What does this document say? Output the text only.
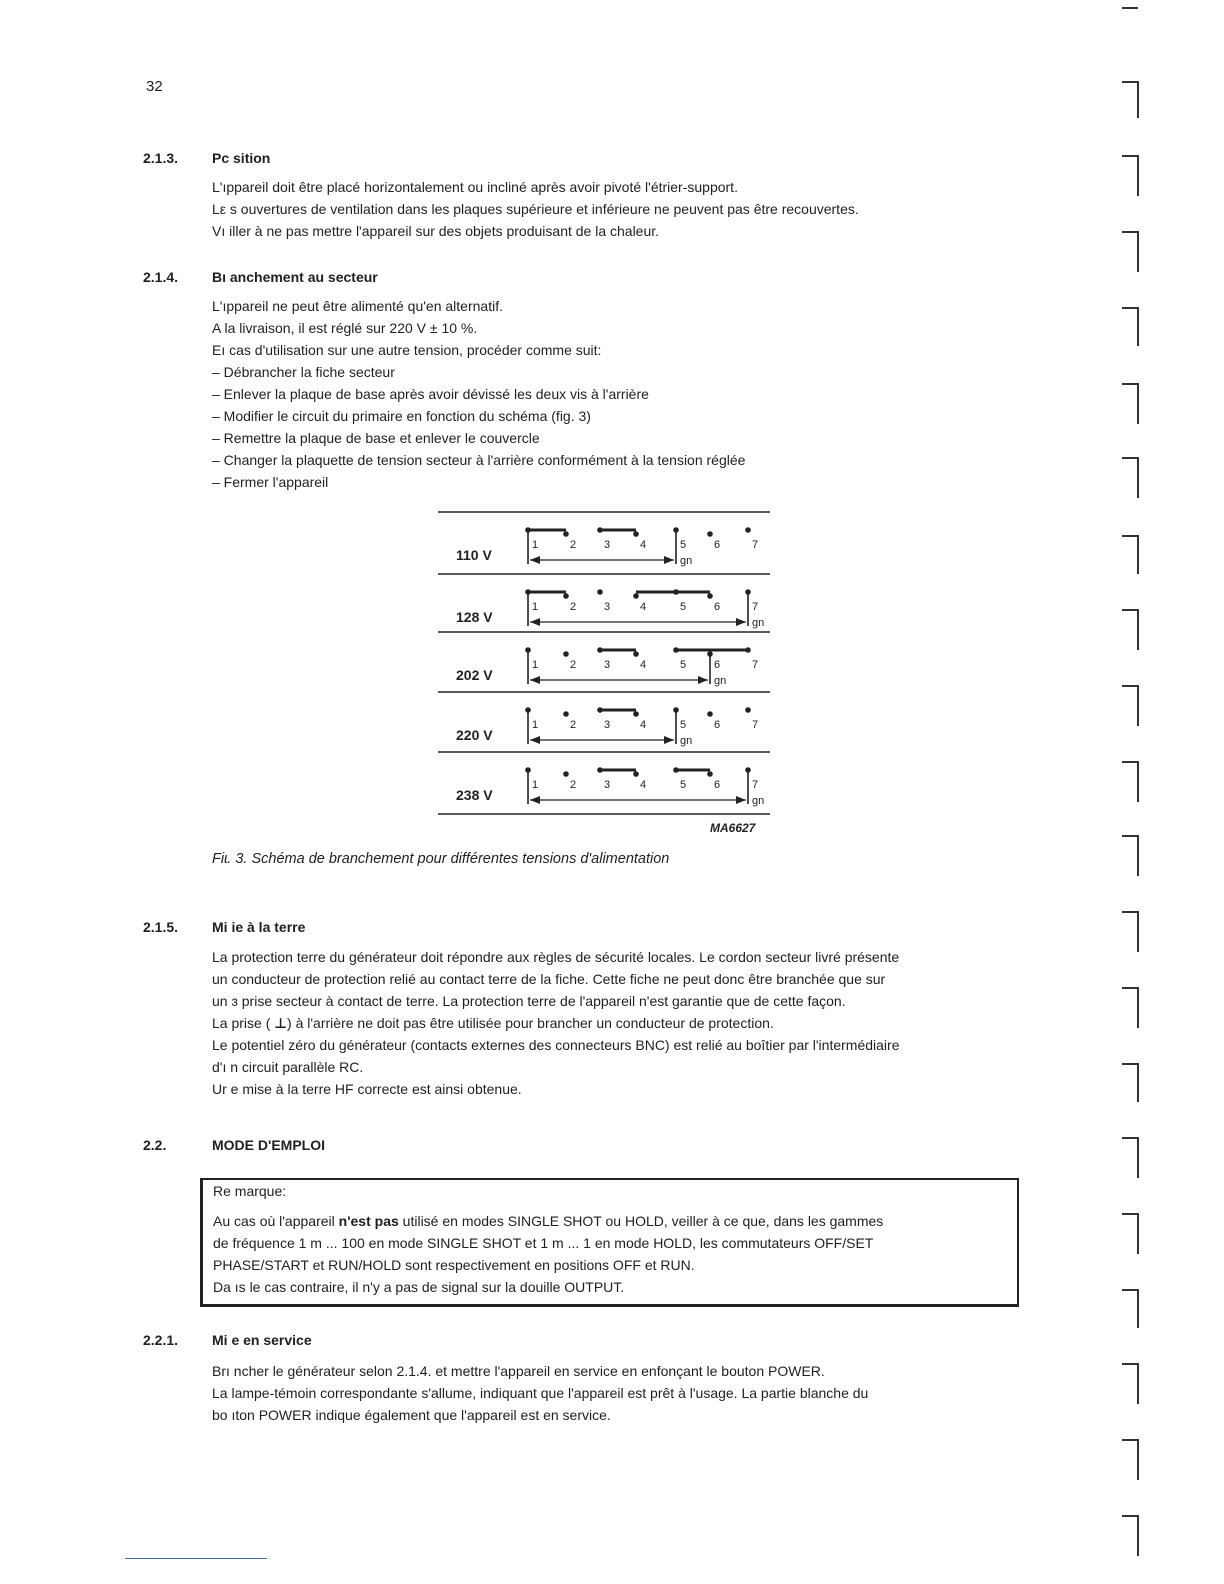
32
2.1.3. Pc sition

L'ıppareil doit être placé horizontalement ou incliné après avoir pivoté l'étrier-support.
Lε s ouvertures de ventilation dans les plaques supérieure et inférieure ne peuvent pas être recouvertes.
Vı iller à ne pas mettre l'appareil sur des objets produisant de la chaleur.

2.1.4. Bı anchement au secteur

L'ıppareil ne peut être alimenté qu'en alternatif.
A la livraison, il est réglé sur 220 V ± 10 %.
Eı cas d'utilisation sur une autre tension, procéder comme suit:
– Débrancher la fiche secteur
– Enlever la plaque de base après avoir dévissé les deux vis à l'arrière
– Modifier le circuit du primaire en fonction du schéma (fig. 3)
– Remettre la plaque de base et enlever le couvercle
– Changer la plaquette de tension secteur à l'arrière conformément à la tension réglée
– Fermer l'appareil

110 V
1	2	3	4	5	6	7
gn
128 V
1	2	3	4	5	6	7
gn
202 V
1	2	3	4	5	6	7
gn
220 V
1	2	3	4	5	6	7
gn
238 V
1	2	3	4	5	6	7
gn
MA6627
Fiɩ. 3. Schéma de branchement pour différentes tensions d'alimentation
2.1.5. Mi ie à la terre

La protection terre du générateur doit répondre aux règles de sécurité locales. Le cordon secteur livré présente
un conducteur de protection relié au contact terre de la fiche. Cette fiche ne peut donc être branchée que sur
un ɜ prise secteur à contact de terre. La protection terre de l'appareil n'est garantie que de cette façon.
La prise ( ⊥) à l'arrière ne doit pas être utilisée pour brancher un conducteur de protection.
Le potentiel zéro du générateur (contacts externes des connecteurs BNC) est relié au boîtier par l'intermédiaire
d'ı n circuit parallèle RC.
Ur e mise à la terre HF correcte est ainsi obtenue.

2.2.	MODE D'EMPLOI
Re marque:

Au cas où l'appareil n'est pas utilisé en modes SINGLE SHOT ou HOLD, veiller à ce que, dans les gammes
de fréquence 1 m ... 100 en mode SINGLE SHOT et 1 m ... 1 en mode HOLD, les commutateurs OFF/SET
PHASE/START et RUN/HOLD sont respectivement en positions OFF et RUN.
Da ıs le cas contraire, il n'y a pas de signal sur la douille OUTPUT.

2.2.1. Mi e en service

Brı ncher le générateur selon 2.1.4. et mettre l'appareil en service en enfonçant le bouton POWER.
La lampe-témoin correspondante s'allume, indiquant que l'appareil est prêt à l'usage. La partie blanche du
bo ıton POWER indique également que l'appareil est en service.
